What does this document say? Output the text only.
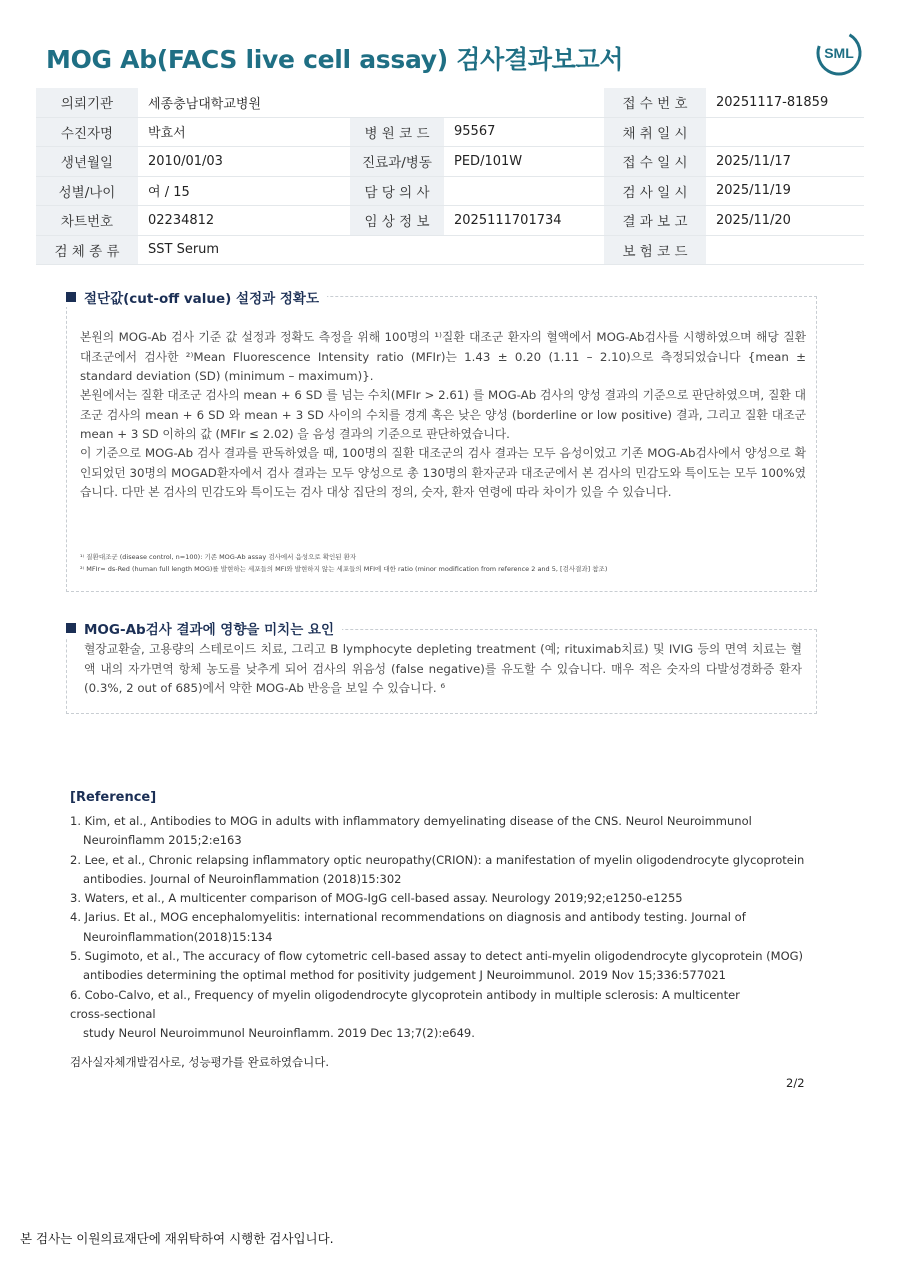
MOG Ab(FACS live cell assay) 검사결과보고서	SML
의뢰기관	세종충남대학교병원			접 수 번 호	20251117-81859
수진자명	박효서	병 원 코 드	95567	채 취 일 시	
생년월일	2010/01/03	진료과/병동	PED/101W	접 수 일 시	2025/11/17
성별/나이	여 / 15	담 당 의 사		검 사 일 시	2025/11/19
차트번호	02234812	임 상 정 보	2025111701734	결 과 보 고	2025/11/20
검 체 종 류	SST Serum			보 험 코 드	
절단값(cut-off value) 설정과 정확도

본원의 MOG-Ab 검사 기준 값 설정과 정확도 측정을 위해 100명의 ¹⁾질환 대조군 환자의 혈액에서 MOG-Ab검사를 시행하였으며 해당 질환 대조군에서 검사한 ²⁾Mean Fluorescence Intensity ratio (MFIr)는 1.43 ± 0.20 (1.11 – 2.10)으로 측정되었습니다 {mean ± standard deviation (SD) (minimum – maximum)}.

본원에서는 질환 대조군 검사의 mean + 6 SD 를 넘는 수치(MFIr > 2.61) 를 MOG-Ab 검사의 양성 결과의 기준으로 판단하였으며, 질환 대조군 검사의 mean + 6 SD 와 mean + 3 SD 사이의 수치를 경계 혹은 낮은 양성 (borderline or low positive) 결과, 그리고 질환 대조군 mean + 3 SD 이하의 값 (MFIr ≤ 2.02) 을 음성 결과의 기준으로 판단하였습니다.

이 기준으로 MOG-Ab 검사 결과를 판독하였을 때, 100명의 질환 대조군의 검사 결과는 모두 음성이었고 기존 MOG-Ab검사에서 양성으로 확인되었던 30명의 MOGAD환자에서 검사 결과는 모두 양성으로 총 130명의 환자군과 대조군에서 본 검사의 민감도와 특이도는 모두 100%였습니다. 다만 본 검사의 민감도와 특이도는 검사 대상 집단의 정의, 숫자, 환자 연령에 따라 차이가 있을 수 있습니다.

¹⁾ 질환대조군 (disease control, n=100): 기존 MOG-Ab assay 검사에서 음성으로 확인된 환자
²⁾ MFIr= ds-Red (human full length MOG)를 발현하는 세포들의 MFI와 발현하지 않는 세포들의 MFI에 대한 ratio (minor modification from reference 2 and 5, [검사결과] 참조)
MOG-Ab검사 결과에 영향을 미치는 요인

혈장교환술, 고용량의 스테로이드 치료, 그리고 B lymphocyte depleting treatment (예; rituximab치료) 및 IVIG 등의 면역 치료는 혈액 내의 자가면역 항체 농도를 낮추게 되어 검사의 위음성 (false negative)를 유도할 수 있습니다. 매우 적은 숫자의 다발성경화증 환자 (0.3%, 2 out of 685)에서 약한 MOG-Ab 반응을 보일 수 있습니다. ⁶

[Reference]
1. Kim, et al., Antibodies to MOG in adults with inflammatory demyelinating disease of the CNS. Neurol Neuroimmunol
Neuroinflamm 2015;2:e163
2. Lee, et al., Chronic relapsing inflammatory optic neuropathy(CRION): a manifestation of myelin oligodendrocyte glycoprotein
antibodies. Journal of Neuroinflammation (2018)15:302
3. Waters, et al., A multicenter comparison of MOG-IgG cell-based assay. Neurology 2019;92;e1250-e1255
4. Jarius. Et al., MOG encephalomyelitis: international recommendations on diagnosis and antibody testing. Journal of
Neuroinflammation(2018)15:134
5. Sugimoto, et al., The accuracy of flow cytometric cell-based assay to detect anti-myelin oligodendrocyte glycoprotein (MOG)
antibodies determining the optimal method for positivity judgement J Neuroimmunol. 2019 Nov 15;336:577021
6. Cobo-Calvo, et al., Frequency of myelin oligodendrocyte glycoprotein antibody in multiple sclerosis: A multicenter
cross-sectional
study Neurol Neuroimmunol Neuroinflamm. 2019 Dec 13;7(2):e649.
검사실자체개발검사로, 성능평가를 완료하였습니다.
2/2
본 검사는 이원의료재단에 재위탁하여 시행한 검사입니다.
